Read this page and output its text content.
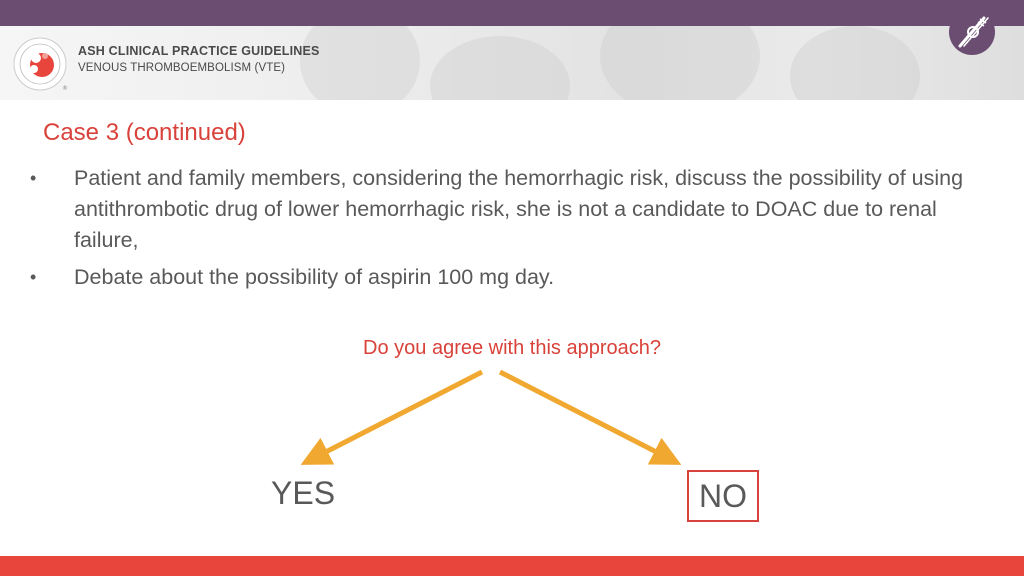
®
ASH CLINICAL PRACTICE GUIDELINES
VENOUS THROMBOEMBOLISM (VTE)
Case 3 (continued)
• Patient and family members, considering the hemorrhagic risk, discuss the possibility of using antithrombotic drug of lower hemorrhagic risk, she is not a candidate to DOAC due to renal failure,
• Debate about the possibility of aspirin 100 mg day.
Do you agree with this approach?
YES	NO
